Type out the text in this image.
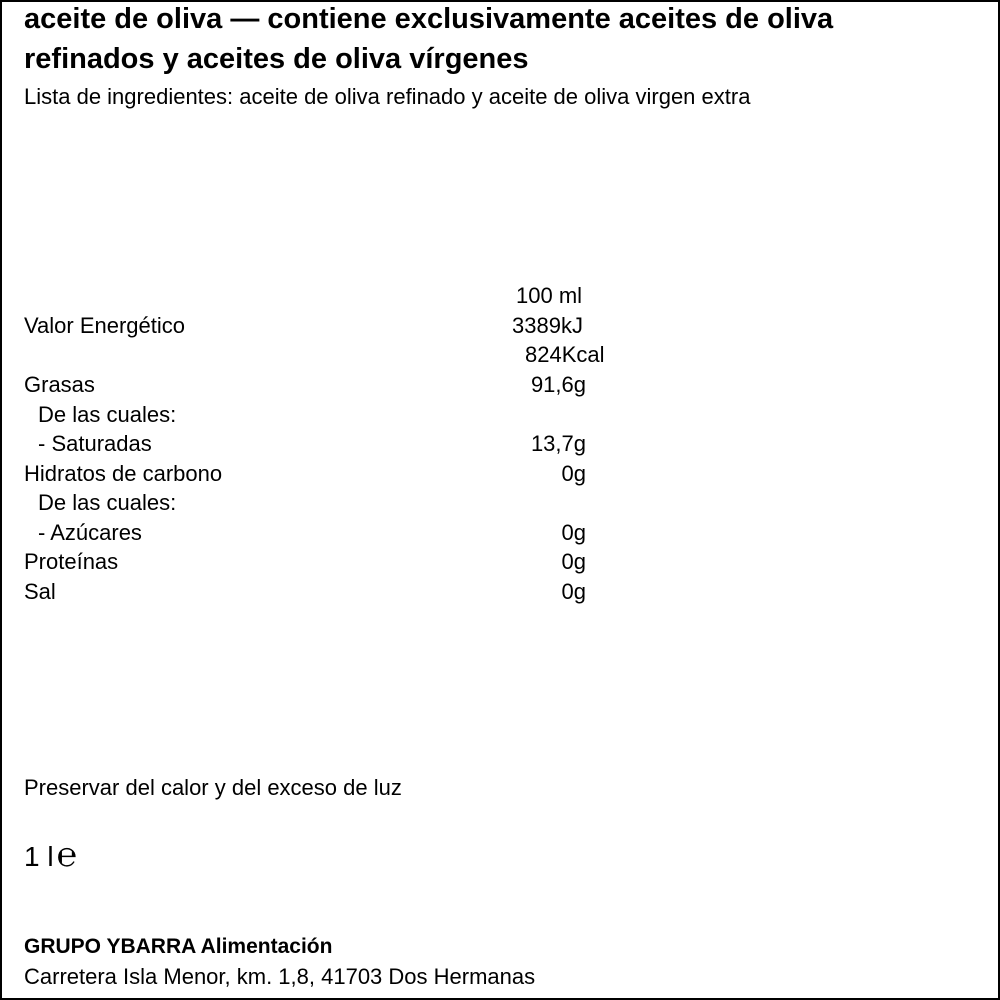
aceite de oliva — contiene exclusivamente aceites de oliva
refinados y aceites de oliva vírgenes
Lista de ingredientes: aceite de oliva refinado y aceite de oliva virgen extra
100 ml
Valor Energético	3389kJ
824Kcal
Grasas	91,6g
De las cuales:
- Saturadas	13,7g
Hidratos de carbono	0g
De las cuales:
- Azúcares	0g
Proteínas	0g
Sal	0g
Preservar del calor y del exceso de luz
1 l℮
GRUPO YBARRA Alimentación
Carretera Isla Menor, km. 1,8, 41703 Dos Hermanas
